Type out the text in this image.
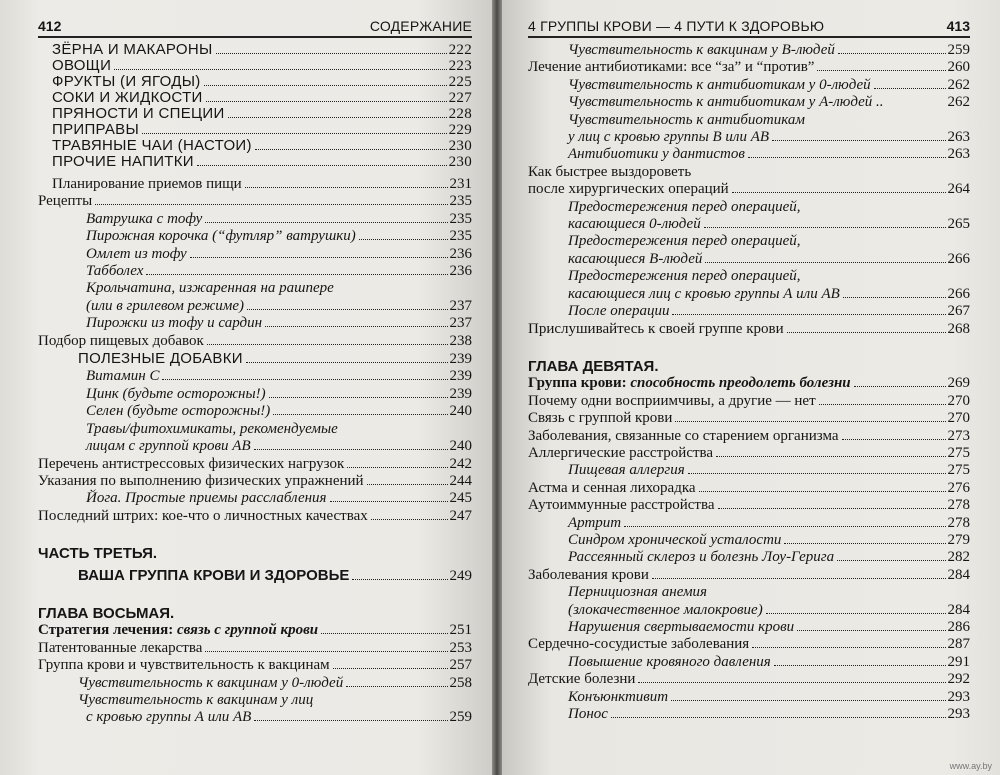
412	СОДЕРЖАНИЕ
ЗЁРНА И МАКАРОНЫ	222
ОВОЩИ	223
ФРУКТЫ (И ЯГОДЫ)	225
СОКИ И ЖИДКОСТИ	227
ПРЯНОСТИ И СПЕЦИИ	228
ПРИПРАВЫ	229
ТРАВЯНЫЕ ЧАИ (НАСТОИ)	230
ПРОЧИЕ НАПИТКИ	230
Планирование приемов пищи	231
Рецепты	235
Ватрушка с тофу	235
Пирожная корочка (“футляр” ватрушки)	235
Омлет из тофу	236
Табболех	236
Крольчатина, изжаренная на рашпере
(или в грилевом режиме)	237
Пирожки из тофу и сардин	237
Подбор пищевых добавок	238
ПОЛЕЗНЫЕ ДОБАВКИ	239
Витамин С	239
Цинк (будьте осторожны!)	239
Селен (будьте осторожны!)	240
Травы/фитохимикаты, рекомендуемые
лицам с группой крови АВ	240
Перечень антистрессовых физических нагрузок	242
Указания по выполнению физических упражнений	244
Йога. Простые приемы расслабления	245
Последний штрих: кое-что о личностных качествах	247
ЧАСТЬ ТРЕТЬЯ.
ВАША ГРУППА КРОВИ И ЗДОРОВЬЕ	249
ГЛАВА ВОСЬМАЯ.
Стратегия лечения: связь с группой крови	251
Патентованные лекарства	253
Группа крови и чувствительность к вакцинам	257
Чувствительность к вакцинам у 0-людей	258
Чувствительность к вакцинам у лиц
с кровью группы А или АВ	259
4 ГРУППЫ КРОВИ — 4 ПУТИ К ЗДОРОВЬЮ	413
Чувствительность к вакцинам у В-людей	259
Лечение антибиотиками: все “за” и “против”	260
Чувствительность к антибиотикам у 0-людей	262
Чувствительность к антибиотикам у А-людей ..	262
Чувствительность к антибиотикам
у лиц с кровью группы В или АВ	263
Антибиотики у дантистов	263
Как быстрее выздороветь
после хирургических операций	264
Предостережения перед операцией,
касающиеся 0-людей	265
Предостережения перед операцией,
касающиеся В-людей	266
Предостережения перед операцией,
касающиеся лиц с кровью группы А или АВ	266
После операции	267
Прислушивайтесь к своей группе крови	268
ГЛАВА ДЕВЯТАЯ.
Группа крови: способность преодолеть болезни	269
Почему одни восприимчивы, а другие — нет	270
Связь с группой крови	270
Заболевания, связанные со старением организма	273
Аллергические расстройства	275
Пищевая аллергия	275
Астма и сенная лихорадка	276
Аутоиммунные расстройства	278
Артрит	278
Синдром хронической усталости	279
Рассеянный склероз и болезнь Лоу-Герига	282
Заболевания крови	284
Пернициозная анемия
(злокачественное малокровие)	284
Нарушения свертываемости крови	286
Сердечно-сосудистые заболевания	287
Повышение кровяного давления	291
Детские болезни	292
Конъюнктивит	293
Понос	293
www.ay.by
